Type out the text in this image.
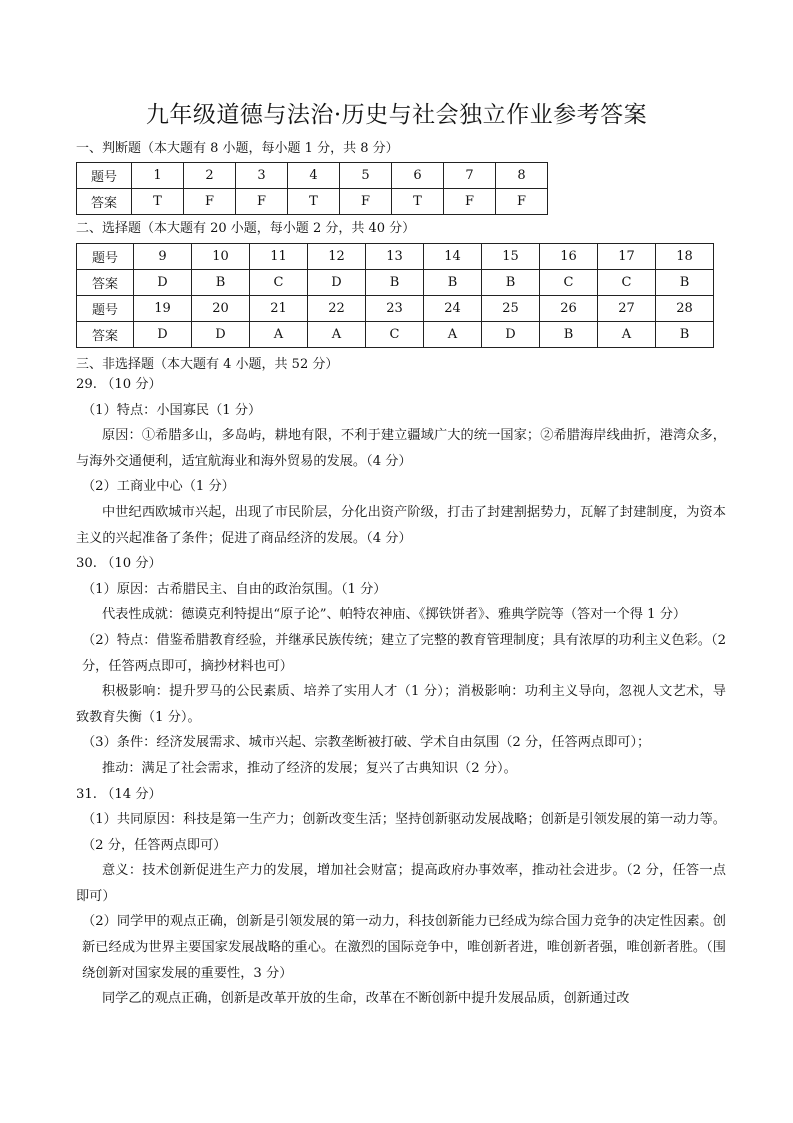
九年级道德与法治·历史与社会独立作业参考答案
一、判断题（本大题有 8 小题，每小题 1 分，共 8 分）
题号	1	2	3	4	5	6	7	8
答案	T	F	F	T	F	T	F	F
二、选择题（本大题有 20 小题，每小题 2 分，共 40 分）
题号	9	10	11	12	13	14	15	16	17	18
答案	D	B	C	D	B	B	B	C	C	B
题号	19	20	21	22	23	24	25	26	27	28
答案	D	D	A	A	C	A	D	B	A	B
三、非选择题（本大题有 4 小题，共 52 分）

29. （10 分）

（1）特点：小国寡民（1 分）

原因：①希腊多山，多岛屿，耕地有限，不利于建立疆域广大的统一国家；②希腊海岸线曲折，港湾众多，与海外交通便利，适宜航海业和海外贸易的发展。（4 分）

（2）工商业中心（1 分）

中世纪西欧城市兴起，出现了市民阶层，分化出资产阶级，打击了封建割据势力，瓦解了封建制度，为资本主义的兴起准备了条件；促进了商品经济的发展。（4 分）

30. （10 分）

（1）原因：古希腊民主、自由的政治氛围。（1 分）

代表性成就：德谟克利特提出“原子论”、帕特农神庙、《掷铁饼者》、雅典学院等（答对一个得 1 分）

（2）特点：借鉴希腊教育经验，并继承民族传统；建立了完整的教育管理制度；具有浓厚的功利主义色彩。（2 分，任答两点即可，摘抄材料也可）

积极影响：提升罗马的公民素质、培养了实用人才（1 分）；消极影响：功利主义导向，忽视人文艺术，导致教育失衡（1 分）。

（3）条件：经济发展需求、城市兴起、宗教垄断被打破、学术自由氛围（2 分，任答两点即可）；

推动：满足了社会需求，推动了经济的发展；复兴了古典知识（2 分）。

31. （14 分）

（1）共同原因：科技是第一生产力；创新改变生活；坚持创新驱动发展战略；创新是引领发展的第一动力等。（2 分，任答两点即可）

意义：技术创新促进生产力的发展，增加社会财富；提高政府办事效率，推动社会进步。（2 分，任答一点即可）

（2）同学甲的观点正确，创新是引领发展的第一动力，科技创新能力已经成为综合国力竞争的决定性因素。创新已经成为世界主要国家发展战略的重心。在激烈的国际竞争中，唯创新者进，唯创新者强，唯创新者胜。（围绕创新对国家发展的重要性，3 分）

同学乙的观点正确，创新是改革开放的生命，改革在不断创新中提升发展品质，创新通过改
